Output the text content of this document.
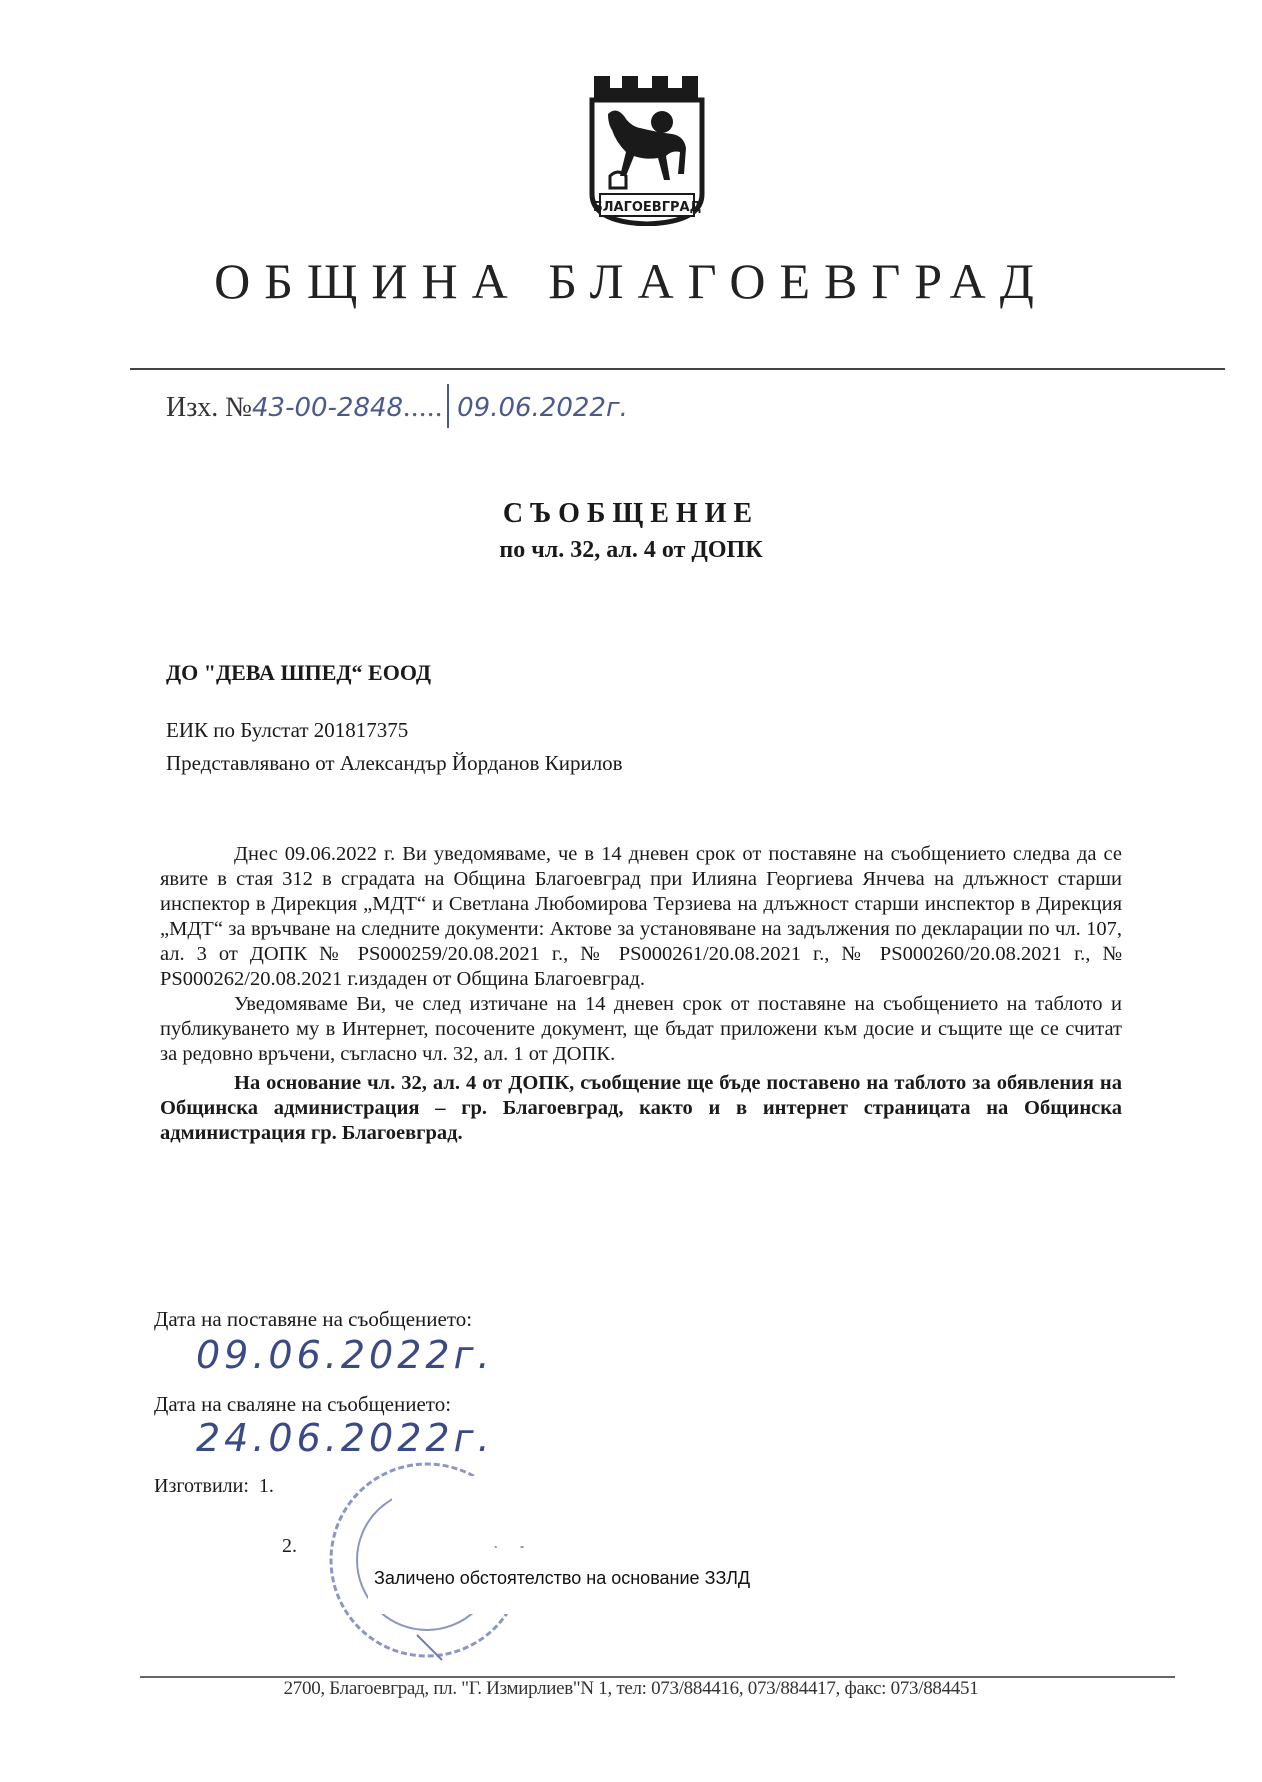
БЛАГОЕВГРАД
ОБЩИНА БЛАГОЕВГРАД
Изх. №43-00-2848..... 09.06.2022г.
СЪОБЩЕНИЕ
по чл. 32, ал. 4 от ДОПК
ДО "ДЕВА ШПЕД“ ЕООД
ЕИК по Булстат 201817375
Представлявано от Александър Йорданов Кирилов

Днес 09.06.2022 г. Ви уведомяваме, че в 14 дневен срок от поставяне на съобщението следва да се явите в стая 312 в сградата на Община Благоевград при Илияна Георгиева Янчева на длъжност старши инспектор в Дирекция „МДТ“ и Светлана Любомирова Терзиева на длъжност старши инспектор в Дирекция „МДТ“ за връчване на следните документи: Актове за установяване на задължения по декларации по чл. 107, ал. 3 от ДОПК № PS000259/20.08.2021 г., № PS000261/20.08.2021 г., № PS000260/20.08.2021 г., № PS000262/20.08.2021 г.издаден от Община Благоевград.

Уведомяваме Ви, че след изтичане на 14 дневен срок от поставяне на съобщението на таблото и публикуването му в Интернет, посочените документ, ще бъдат приложени към досие и същите ще се считат за редовно връчени, съгласно чл. 32, ал. 1 от ДОПК.

На основание чл. 32, ал. 4 от ДОПК, съобщение ще бъде поставено на таблото за обявления на Общинска администрация – гр. Благоевград, както и в интернет страницата на Общинска администрация гр. Благоевград.

Дата на поставяне на съобщението:
09.06.2022г.
Дата на сваляне на съобщението:
24.06.2022г.
Изготвили: 1.
2.
Заличено обстоятелство на основание ЗЗЛД
2700, Благоевград, пл. "Г. Измирлиев"N 1, тел: 073/884416, 073/884417, факс: 073/884451
